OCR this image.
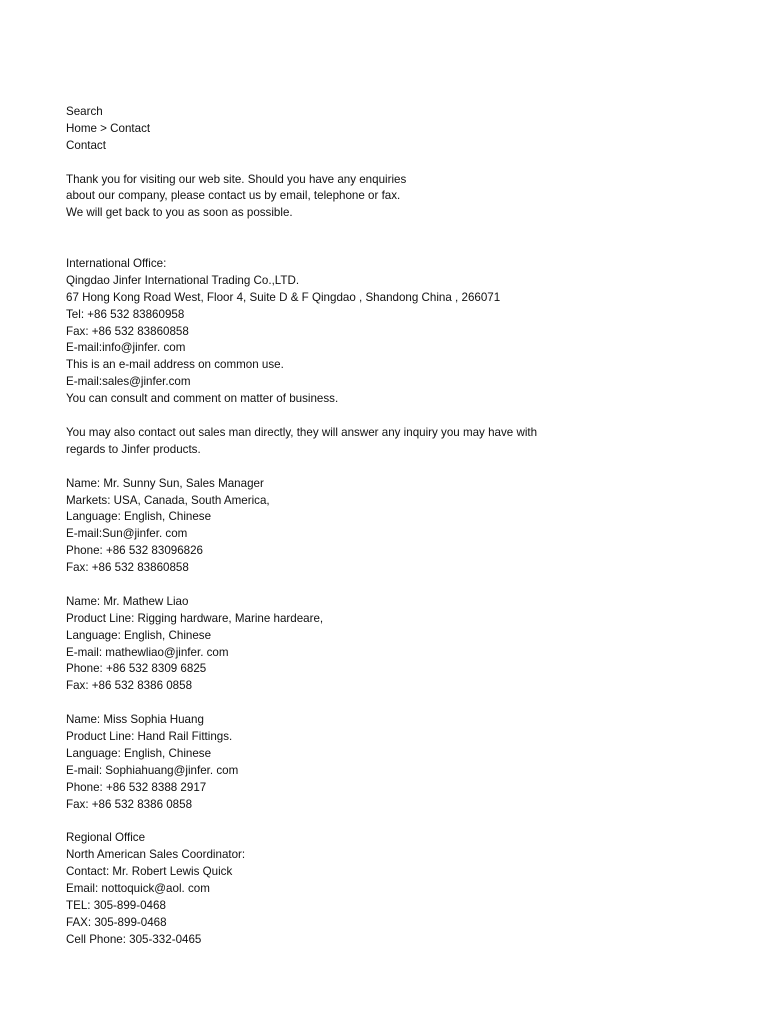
Search
Home > Contact
Contact
Thank you for visiting our web site. Should you have any enquiries
about our company, please contact us by email, telephone or fax.
We will get back to you as soon as possible.
International Office:
Qingdao Jinfer International Trading Co.,LTD.
67 Hong Kong Road West, Floor 4, Suite D & F Qingdao , Shandong China , 266071
Tel: +86 532 83860958
Fax: +86 532 83860858
E-mail:info@jinfer. com
This is an e-mail address on common use.
E-mail:sales@jinfer.com
You can consult and comment on matter of business.
You may also contact out sales man directly, they will answer any inquiry you may have with
regards to Jinfer products.
Name: Mr. Sunny Sun, Sales Manager
Markets: USA, Canada, South America,
Language: English, Chinese
E-mail:Sun@jinfer. com
Phone: +86 532 83096826
Fax: +86 532 83860858
Name: Mr. Mathew Liao
Product Line: Rigging hardware, Marine hardeare,
Language: English, Chinese
E-mail: mathewliao@jinfer. com
Phone: +86 532 8309 6825
Fax: +86 532 8386 0858
Name: Miss Sophia Huang
Product Line: Hand Rail Fittings.
Language: English, Chinese
E-mail: Sophiahuang@jinfer. com
Phone: +86 532 8388 2917
Fax: +86 532 8386 0858
Regional Office
North American Sales Coordinator:
Contact: Mr. Robert Lewis Quick
Email: nottoquick@aol. com
TEL: 305-899-0468
FAX: 305-899-0468
Cell Phone: 305-332-0465
